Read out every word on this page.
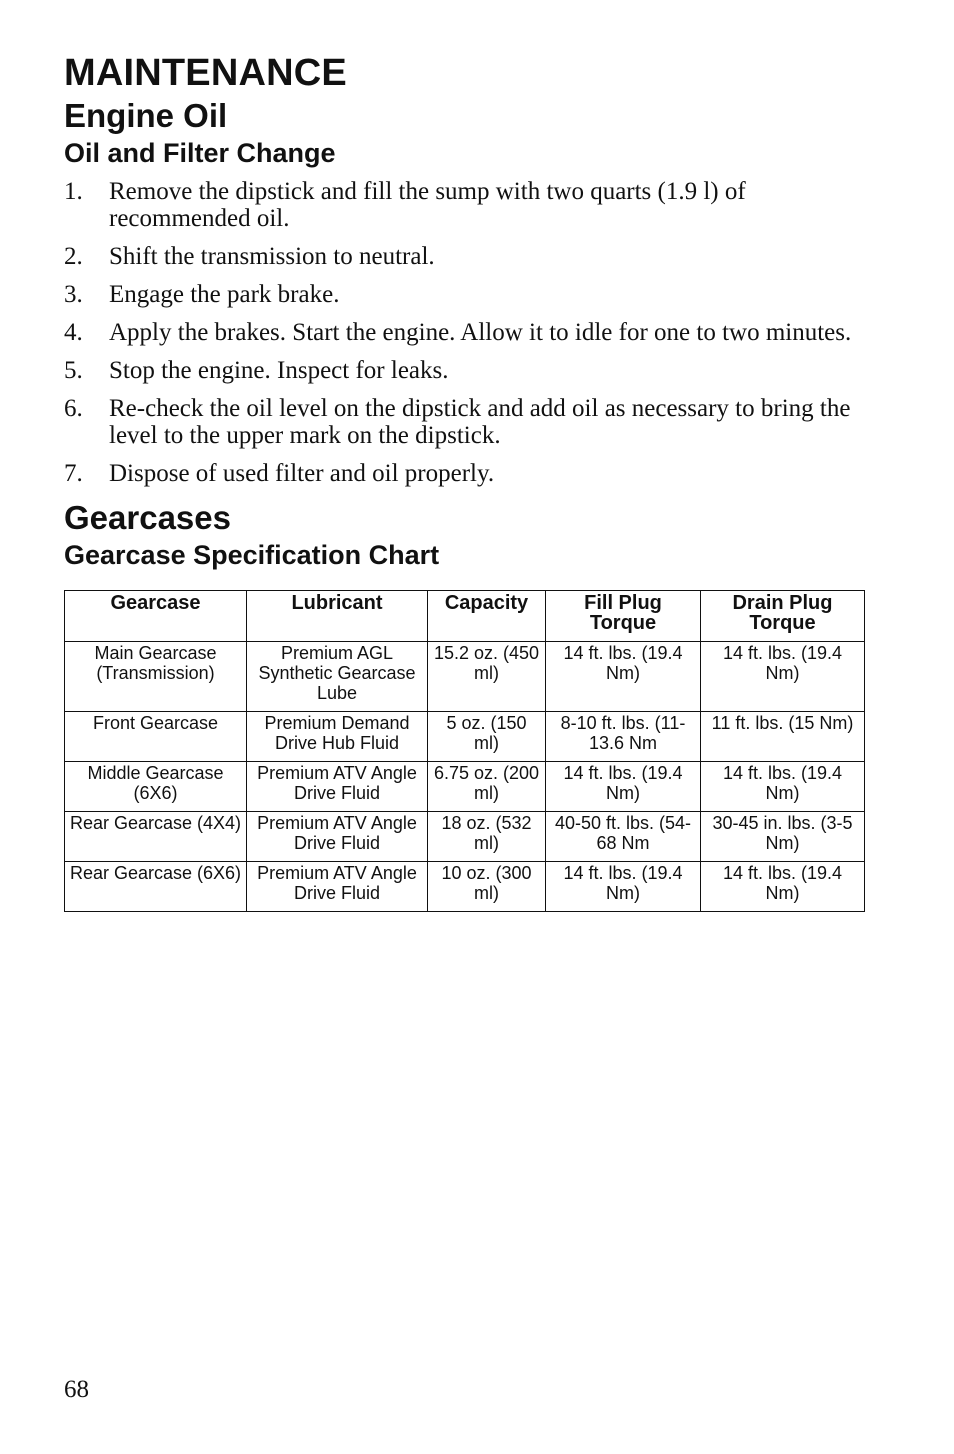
MAINTENANCE
Engine Oil
Oil and Filter Change
1.	Remove the dipstick and fill the sump with two quarts (1.9 l) of recommended oil.
2.	Shift the transmission to neutral.
3.	Engage the park brake.
4.	Apply the brakes. Start the engine. Allow it to idle for one to two minutes.
5.	Stop the engine. Inspect for leaks.
6.	Re-check the oil level on the dipstick and add oil as necessary to bring the level to the upper mark on the dipstick.
7.	Dispose of used filter and oil properly.
Gearcases
Gearcase Specification Chart
Gearcase	Lubricant	Capacity	Fill Plug Torque	Drain Plug Torque
Main Gearcase (Transmission)	Premium AGL Synthetic Gearcase Lube	15.2 oz. (450 ml)	14 ft. lbs. (19.4 Nm)	14 ft. lbs. (19.4 Nm)
Front Gearcase	Premium Demand Drive Hub Fluid	5 oz. (150 ml)	8-10 ft. lbs. (11-13.6 Nm	11 ft. lbs. (15 Nm)
Middle Gearcase (6X6)	Premium ATV Angle Drive Fluid	6.75 oz. (200 ml)	14 ft. lbs. (19.4 Nm)	14 ft. lbs. (19.4 Nm)
Rear Gearcase (4X4)	Premium ATV Angle Drive Fluid	18 oz. (532 ml)	40-50 ft. lbs. (54-68 Nm	30-45 in. lbs. (3-5 Nm)
Rear Gearcase (6X6)	Premium ATV Angle Drive Fluid	10 oz. (300 ml)	14 ft. lbs. (19.4 Nm)	14 ft. lbs. (19.4 Nm)
68
